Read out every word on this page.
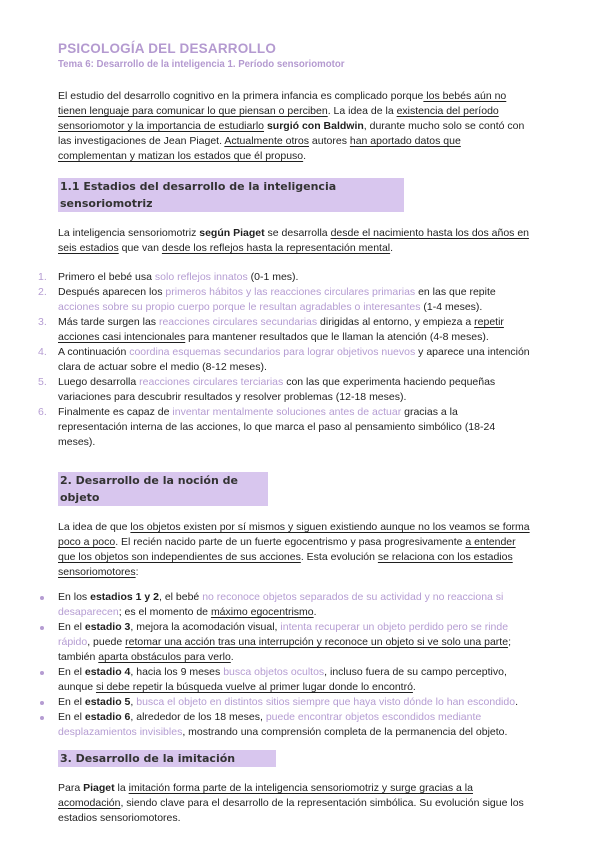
PSICOLOGÍA DEL DESARROLLO
Tema 6: Desarrollo de la inteligencia 1. Período sensoriomotor

El estudio del desarrollo cognitivo en la primera infancia es complicado porque los bebés aún no tienen lenguaje para comunicar lo que piensan o perciben. La idea de la existencia del período sensoriomotor y la importancia de estudiarlo surgió con Baldwin, durante mucho solo se contó con las investigaciones de Jean Piaget. Actualmente otros autores han aportado datos que complementan y matizan los estados que él propuso.

1.1 Estadios del desarrollo de la inteligencia sensoriomotriz

La inteligencia sensoriomotriz según Piaget se desarrolla desde el nacimiento hasta los dos años en seis estadios que van desde los reflejos hasta la representación mental.

1. Primero el bebé usa solo reflejos innatos (0-1 mes).
2. Después aparecen los primeros hábitos y las reacciones circulares primarias en las que repite acciones sobre su propio cuerpo porque le resultan agradables o interesantes (1-4 meses).
3. Más tarde surgen las reacciones circulares secundarias dirigidas al entorno, y empieza a repetir acciones casi intencionales para mantener resultados que le llaman la atención (4-8 meses).
4. A continuación coordina esquemas secundarios para lograr objetivos nuevos y aparece una intención clara de actuar sobre el medio (8-12 meses).
5. Luego desarrolla reacciones circulares terciarias con las que experimenta haciendo pequeñas variaciones para descubrir resultados y resolver problemas (12-18 meses).
6. Finalmente es capaz de inventar mentalmente soluciones antes de actuar gracias a la representación interna de las acciones, lo que marca el paso al pensamiento simbólico (18-24 meses).
2. Desarrollo de la noción de objeto

La idea de que los objetos existen por sí mismos y siguen existiendo aunque no los veamos se forma poco a poco. El recién nacido parte de un fuerte egocentrismo y pasa progresivamente a entender que los objetos son independientes de sus acciones. Esta evolución se relaciona con los estadios sensoriomotores:

En los estadios 1 y 2, el bebé no reconoce objetos separados de su actividad y no reacciona si desaparecen; es el momento de máximo egocentrismo.
En el estadio 3, mejora la acomodación visual, intenta recuperar un objeto perdido pero se rinde rápido, puede retomar una acción tras una interrupción y reconoce un objeto si ve solo una parte; también aparta obstáculos para verlo.
En el estadio 4, hacia los 9 meses busca objetos ocultos, incluso fuera de su campo perceptivo, aunque si debe repetir la búsqueda vuelve al primer lugar donde lo encontró.
En el estadio 5, busca el objeto en distintos sitios siempre que haya visto dónde lo han escondido.
En el estadio 6, alrededor de los 18 meses, puede encontrar objetos escondidos mediante desplazamientos invisibles, mostrando una comprensión completa de la permanencia del objeto.
3. Desarrollo de la imitación

Para Piaget la imitación forma parte de la inteligencia sensoriomotriz y surge gracias a la acomodación, siendo clave para el desarrollo de la representación simbólica. Su evolución sigue los estadios sensoriomotores.
